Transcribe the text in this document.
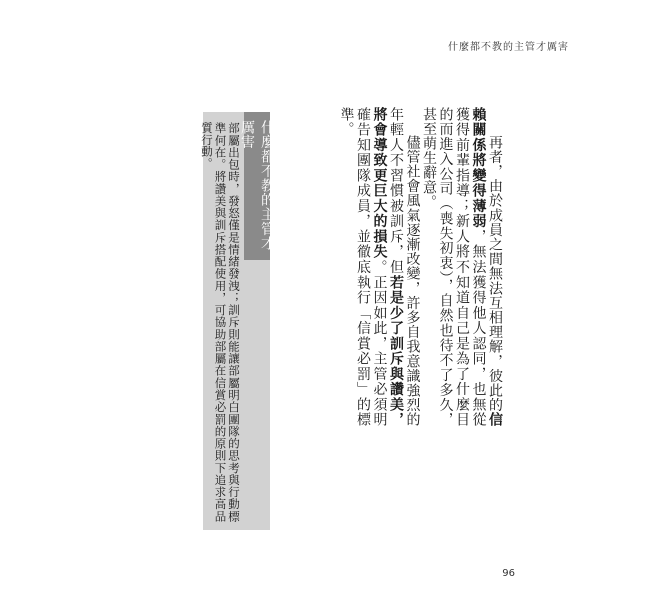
什麼都不教的主管才厲害

再者，由於成員之間無法互相理解，彼此的信賴關係將變得薄弱，無法獲得他人認同，也無從獲得前輩指導；新人將不知道自己是為了什麼目的而進入公司（喪失初衷），自然也待不了多久，甚至萌生辭意。

儘管社會風氣逐漸改變，許多自我意識強烈的年輕人不習慣被訓斥，但若是少了訓斥與讚美，將會導致更巨大的損失。正因如此，主管必須明確告知團隊成員，並徹底執行「信賞必罰」的標準。

什麼都不教的主管才厲害
部屬出包時，發怒僅是情緒發洩；訓斥則能讓部屬明白團隊的思考與行動標準何在。將讚美與訓斥搭配使用，可協助部屬在信賞必罰的原則下追求高品質行動。
96
